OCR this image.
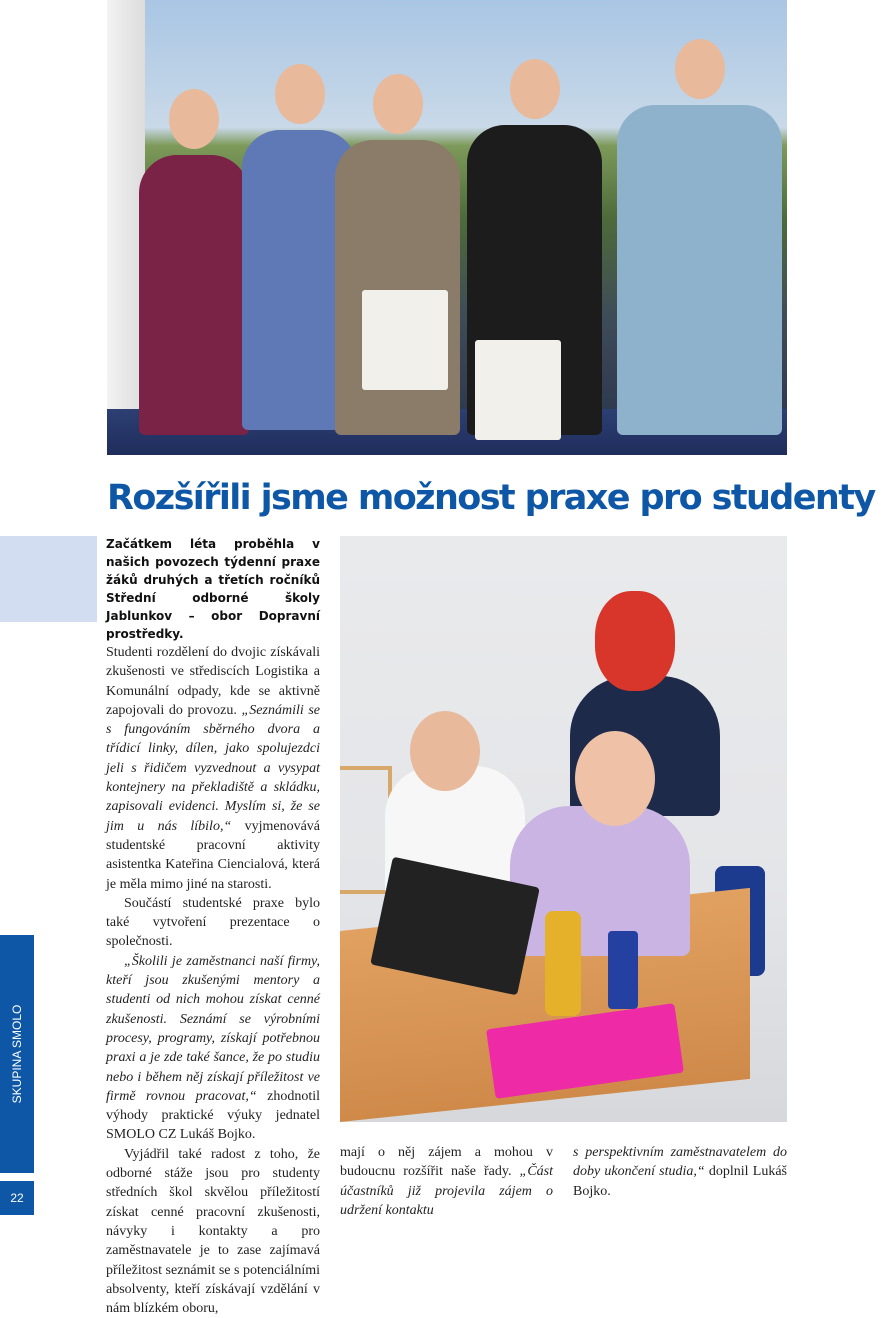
Rozšířili jsme možnost praxe pro studenty

Začátkem léta proběhla v našich povozech týdenní praxe žáků druhých a třetích ročníků Střední odborné školy Jablunkov – obor Dopravní prostředky.

Studenti rozdělení do dvojic získávali zkušenosti ve střediscích Logistika a Komunální odpady, kde se aktivně zapojovali do provozu. „Seznámili se s fungováním sběrného dvora a třídicí linky, dílen, jako spolujezdci jeli s řidičem vyzvednout a vysypat kontejnery na překladiště a skládku, zapisovali evidenci. Myslím si, že se jim u nás líbilo,“ vyjmenovává studentské pracovní aktivity asistentka Kateřina Ciencialová, která je měla mimo jiné na starosti.

Součástí studentské praxe bylo také vytvoření prezentace o společnosti.

„Školili je zaměstnanci naší firmy, kteří jsou zkušenými mentory a studenti od nich mohou získat cenné zkušenosti. Seznámí se výrobními procesy, programy, získají potřebnou praxi a je zde také šance, že po studiu nebo i během něj získají příležitost ve firmě rovnou pracovat,“ zhodnotil výhody praktické výuky jednatel SMOLO CZ Lukáš Bojko.

Vyjádřil také radost z toho, že odborné stáže jsou pro studenty středních škol skvělou příležitostí získat cenné pracovní zkušenosti, návyky i kontakty a pro zaměstnavatele je to zase zajímavá příležitost seznámit se s potenciálními absolventy, kteří získávají vzdělání v nám blízkém oboru,

mají o něj zájem a mohou v budoucnu rozšířit naše řady. „Část účastníků již projevila zájem o udržení kontaktu

s perspektivním zaměstnavatelem do doby ukončení studia,“ doplnil Lukáš Bojko.

SKUPINA SMOLO
22
